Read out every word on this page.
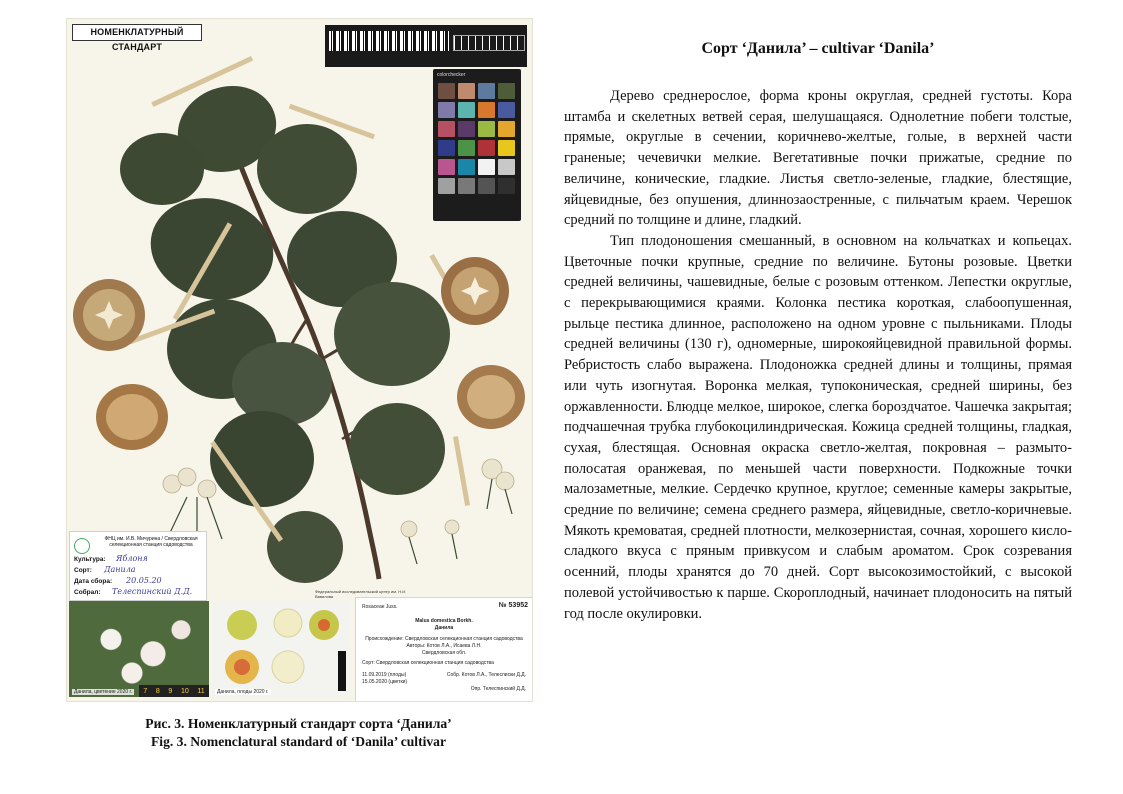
НОМЕНКЛАТУРНЫЙ СТАНДАРТ
colorchecker
ФНЦ им. И.В. Мичурина / Свердловская селекционная станция садоводства
Культура: Яблоня
Сорт: Данила
Дата сбора: 20.05.20
Собрал: Телеспинский Д.Д.
Данила, цветение 2020 г. 7 8 9 10 11	Данила, плоды 2020 г.
Федеральный исследовательский центр им. Н.И. Вавилова
№ 53952
Rosaceae Juss.
Malus domestica Borkh.
Данила
Происхождение: Свердловская селекционная станция садоводства
Авторы: Котов Л.А., Исаева Л.Н.
Свердловская обл.
Сорт: Свердловская селекционная станция садоводства
11.09.2019 (плоды)
15.05.2020 (цветки)
Собр. Котов Л.А., Телесписки Д.Д.
Опр. Телеспинский Д.Д.
Рис. 3. Номенклатурный стандарт сорта ‘Данила’
Fig. 3. Nomenclatural standard of ‘Danila’ cultivar
Сорт ‘Данила’ – cultivar ‘Danila’

Дерево среднерослое, форма кроны округлая, средней густоты. Кора штамба и скелетных ветвей серая, шелушащаяся. Однолетние побеги толстые, прямые, округлые в сечении, коричнево-желтые, голые, в верхней части граненые; чечевички мелкие. Вегетативные почки прижатые, средние по величине, конические, гладкие. Листья светло-зеленые, гладкие, блестящие, яйцевидные, без опушения, длиннозаостренные, с пильчатым краем. Черешок средний по толщине и длине, гладкий.

Тип плодоношения смешанный, в основном на кольчатках и копьецах. Цветочные почки крупные, средние по величине. Бутоны розовые. Цветки средней величины, чашевидные, белые с розовым оттенком. Лепестки округлые, с перекрывающимися краями. Колонка пестика короткая, слабоопушенная, рыльце пестика длинное, расположено на одном уровне с пыльниками. Плоды средней величины (130 г), одномерные, широкояйцевидной правильной формы. Ребристость слабо выражена. Плодоножка средней длины и толщины, прямая или чуть изогнутая. Воронка мелкая, тупоконическая, средней ширины, без оржавленности. Блюдце мелкое, широкое, слегка бороздчатое. Чашечка закрытая; подчашечная трубка глубокоцилиндрическая. Кожица средней толщины, гладкая, сухая, блестящая. Основная окраска светло-желтая, покровная – размыто-полосатая оранжевая, по меньшей части поверхности. Подкожные точки малозаметные, мелкие. Сердечко крупное, круглое; семенные камеры закрытые, средние по величине; семена среднего размера, яйцевидные, светло-коричневые. Мякоть кремоватая, средней плотности, мелкозернистая, сочная, хорошего кисло-сладкого вкуса с пряным привкусом и слабым ароматом. Срок созревания осенний, плоды хранятся до 70 дней. Сорт высокозимостойкий, с высокой полевой устойчивостью к парше. Скороплодный, начинает плодоносить на пятый год после окулировки.
